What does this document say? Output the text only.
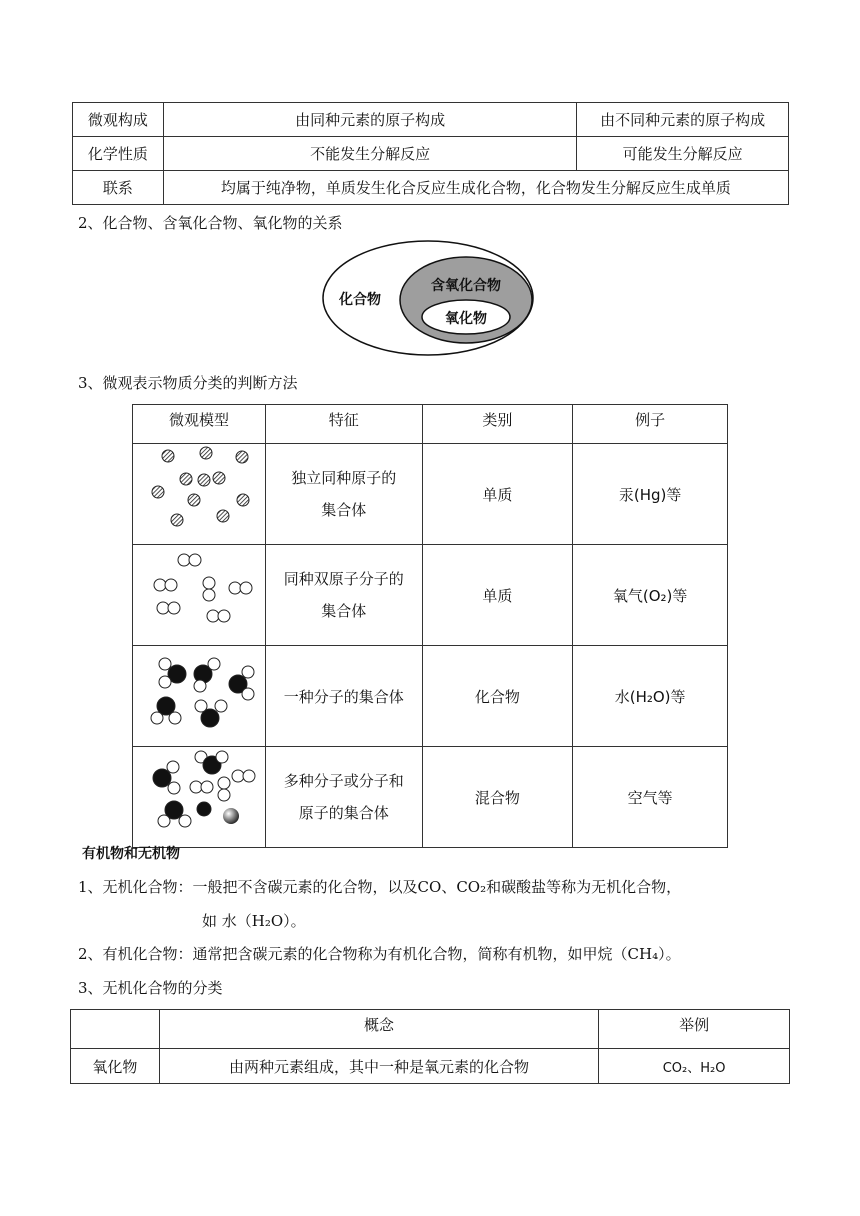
微观构成	由同种元素的原子构成	由不同种元素的原子构成
化学性质	不能发生分解反应	可能发生分解反应
联系	均属于纯净物，单质发生化合反应生成化合物，化合物发生分解反应生成单质	
2、化合物、含氧化合物、氧化物的关系
化合物
含氧化合物
氧化物
3、微观表示物质分类的判断方法
微观模型	特征	类别	例子
	独立同种原子的
集合体	单质	汞(Hg)等
	同种双原子分子的
集合体	单质	氧气(O₂)等
	一种分子的集合体	化合物	水(H₂O)等
	多种分子或分子和
原子的集合体	混合物	空气等
有机物和无机物
1、无机化合物：一般把不含碳元素的化合物，以及CO、CO₂和碳酸盐等称为无机化合物，
如 水（H₂O）。
2、有机化合物：通常把含碳元素的化合物称为有机化合物，简称有机物，如甲烷（CH₄）。
3、无机化合物的分类
	概念	举例
氧化物	由两种元素组成，其中一种是氧元素的化合物	CO₂、H₂O
